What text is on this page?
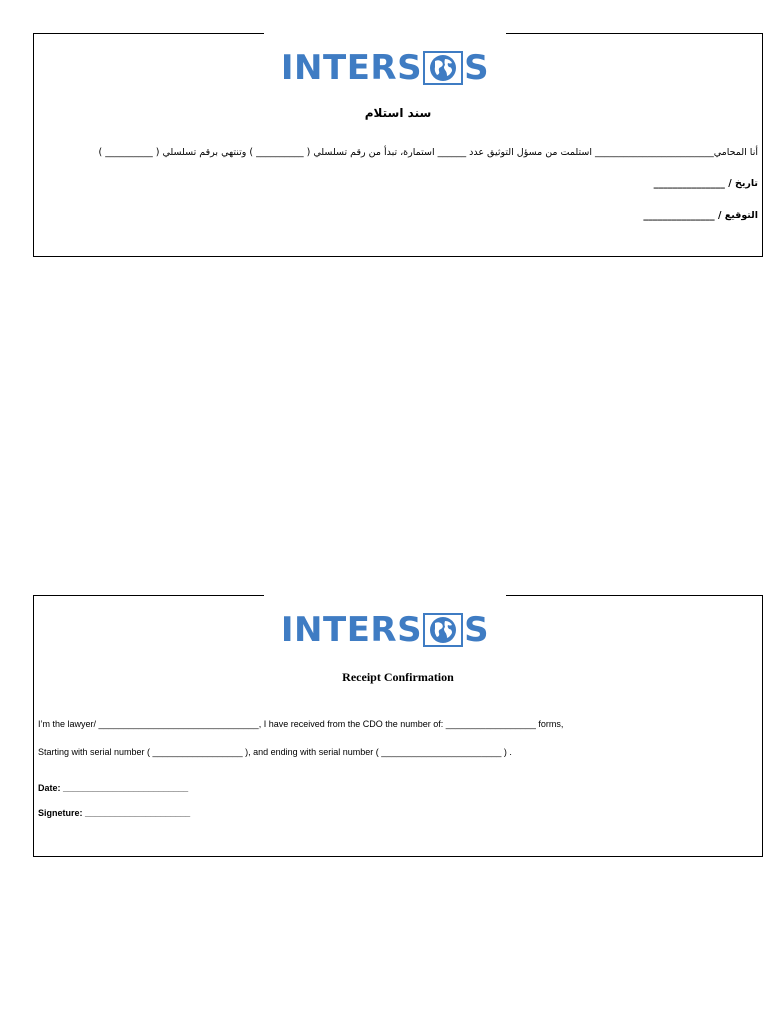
INTERS S
سند استلام
أنا المحامي_________________________ استلمت من مسؤل التوثيق عدد ______ استمارة، تبدأ من رقم تسلسلي ( __________ ) وتنتهي برقم تسلسلي ( __________ )
تاريخ / _______________
التوقيع / _______________
INTERS S
Receipt Confirmation
I’m the lawyer/ ________________________________, I have received from the CDO the number of: __________________ forms,
Starting with serial number ( __________________ ), and ending with serial number ( ________________________ ) .
Date: _________________________
Signeture: _____________________
